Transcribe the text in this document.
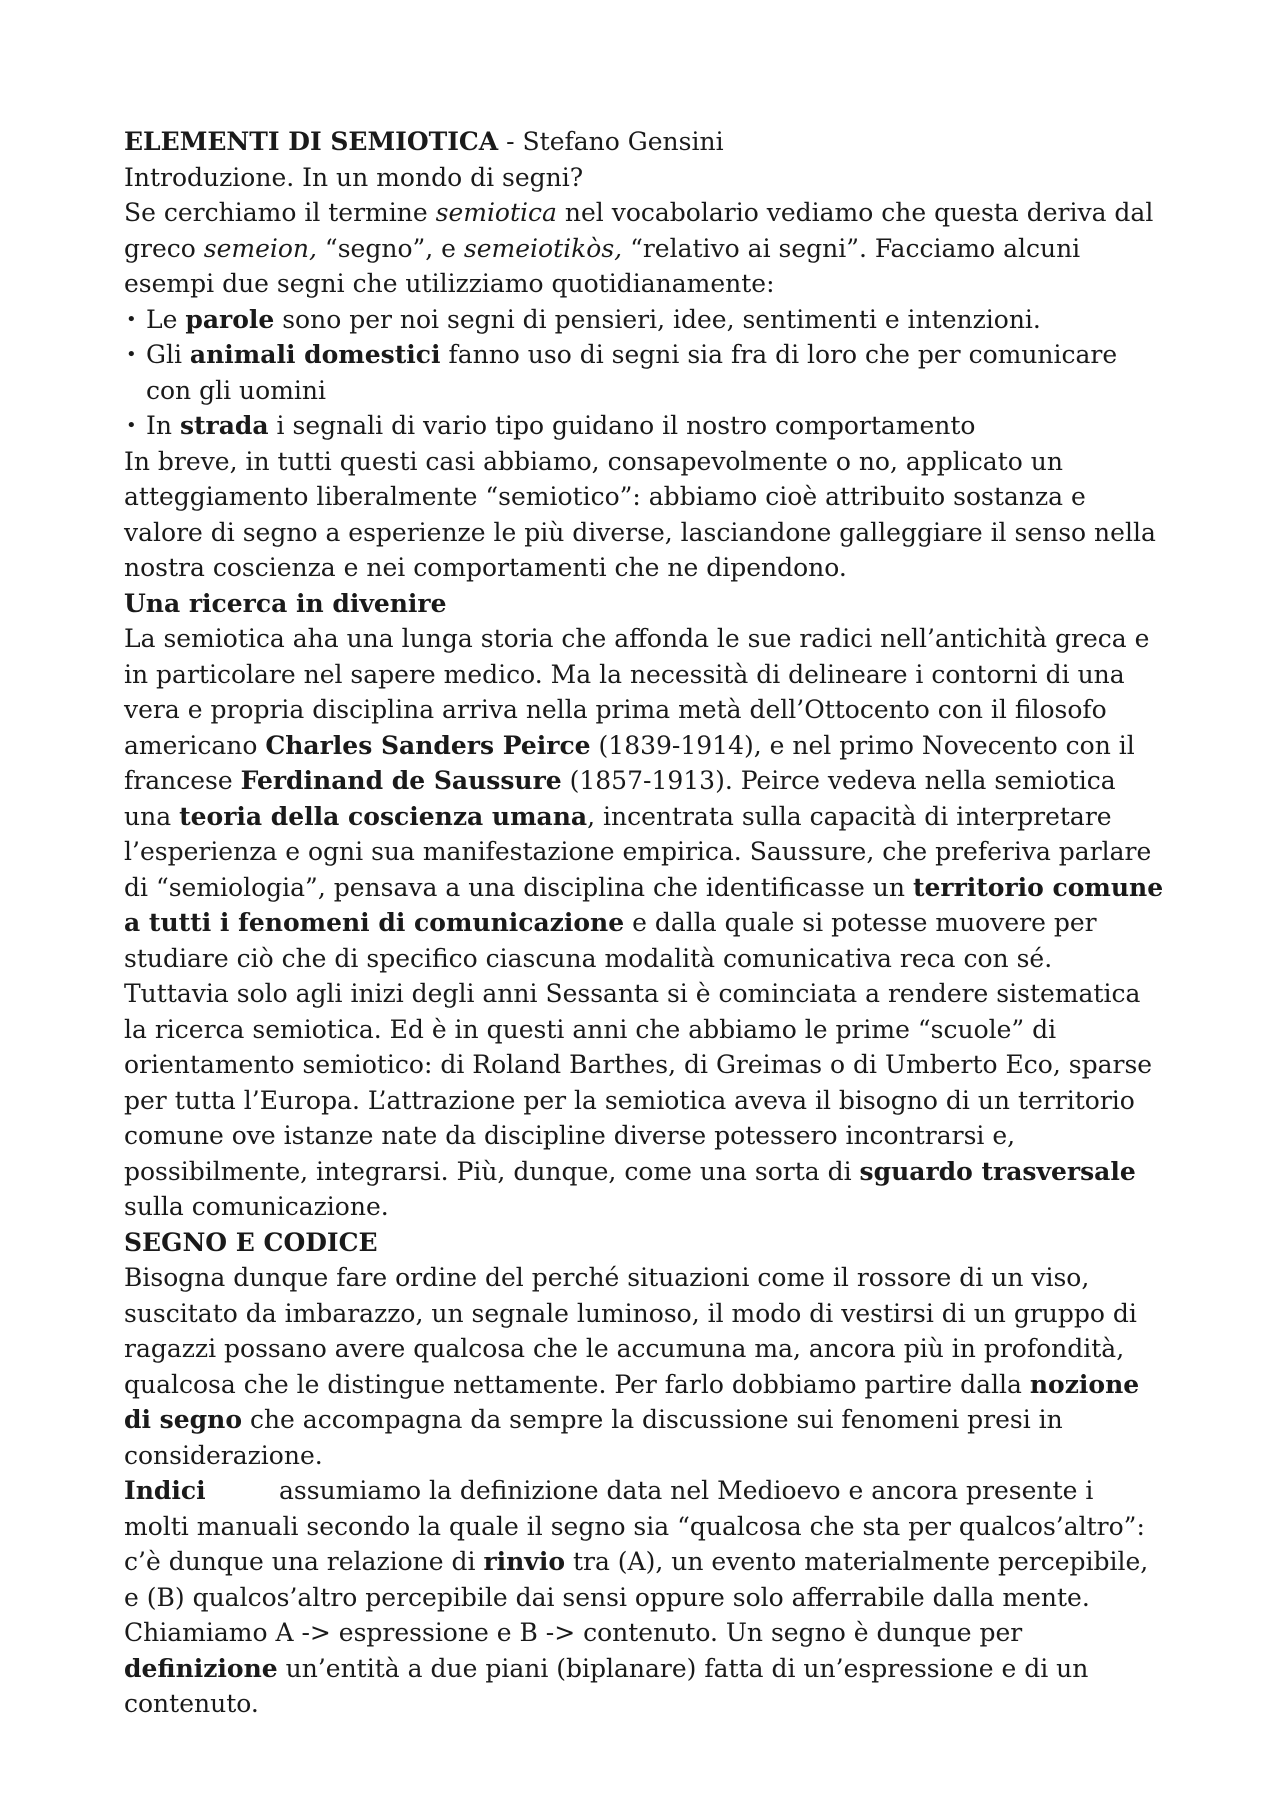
ELEMENTI DI SEMIOTICA - Stefano Gensini

Introduzione. In un mondo di segni?

Se cerchiamo il termine semiotica nel vocabolario vediamo che questa deriva dal greco semeion, “segno”, e semeiotikòs, “relativo ai segni”. Facciamo alcuni esempi due segni che utilizziamo quotidianamente:

• Le parole sono per noi segni di pensieri, idee, sentimenti e intenzioni.
• Gli animali domestici fanno uso di segni sia fra di loro che per comunicare con gli uomini
• In strada i segnali di vario tipo guidano il nostro comportamento

In breve, in tutti questi casi abbiamo, consapevolmente o no, applicato un atteggiamento liberalmente “semiotico”: abbiamo cioè attribuito sostanza e valore di segno a esperienze le più diverse, lasciandone galleggiare il senso nella nostra coscienza e nei comportamenti che ne dipendono.

Una ricerca in divenire

La semiotica aha una lunga storia che affonda le sue radici nell’antichità greca e in particolare nel sapere medico. Ma la necessità di delineare i contorni di una vera e propria disciplina arriva nella prima metà dell’Ottocento con il filosofo americano Charles Sanders Peirce (1839-1914), e nel primo Novecento con il francese Ferdinand de Saussure (1857-1913). Peirce vedeva nella semiotica una teoria della coscienza umana, incentrata sulla capacità di interpretare l’esperienza e ogni sua manifestazione empirica. Saussure, che preferiva parlare di “semiologia”, pensava a una disciplina che identificasse un territorio comune a tutti i fenomeni di comunicazione e dalla quale si potesse muovere per studiare ciò che di specifico ciascuna modalità comunicativa reca con sé. Tuttavia solo agli inizi degli anni Sessanta si è cominciata a rendere sistematica la ricerca semiotica. Ed è in questi anni che abbiamo le prime “scuole” di orientamento semiotico: di Roland Barthes, di Greimas o di Umberto Eco, sparse per tutta l’Europa. L’attrazione per la semiotica aveva il bisogno di un territorio comune ove istanze nate da discipline diverse potessero incontrarsi e, possibilmente, integrarsi. Più, dunque, come una sorta di sguardo trasversale sulla comunicazione.

SEGNO E CODICE

Bisogna dunque fare ordine del perché situazioni come il rossore di un viso, suscitato da imbarazzo, un segnale luminoso, il modo di vestirsi di un gruppo di ragazzi possano avere qualcosa che le accumuna ma, ancora più in profondità, qualcosa che le distingue nettamente. Per farlo dobbiamo partire dalla nozione di segno che accompagna da sempre la discussione sui fenomeni presi in considerazione.

Indici	assumiamo la definizione data nel Medioevo e ancora presente i molti manuali secondo la quale il segno sia “qualcosa che sta per qualcos’altro”: c’è dunque una relazione di rinvio tra (A), un evento materialmente percepibile, e (B) qualcos’altro percepibile dai sensi oppure solo afferrabile dalla mente. Chiamiamo A -> espressione e B -> contenuto. Un segno è dunque per definizione un’entità a due piani (biplanare) fatta di un’espressione e di un contenuto.
